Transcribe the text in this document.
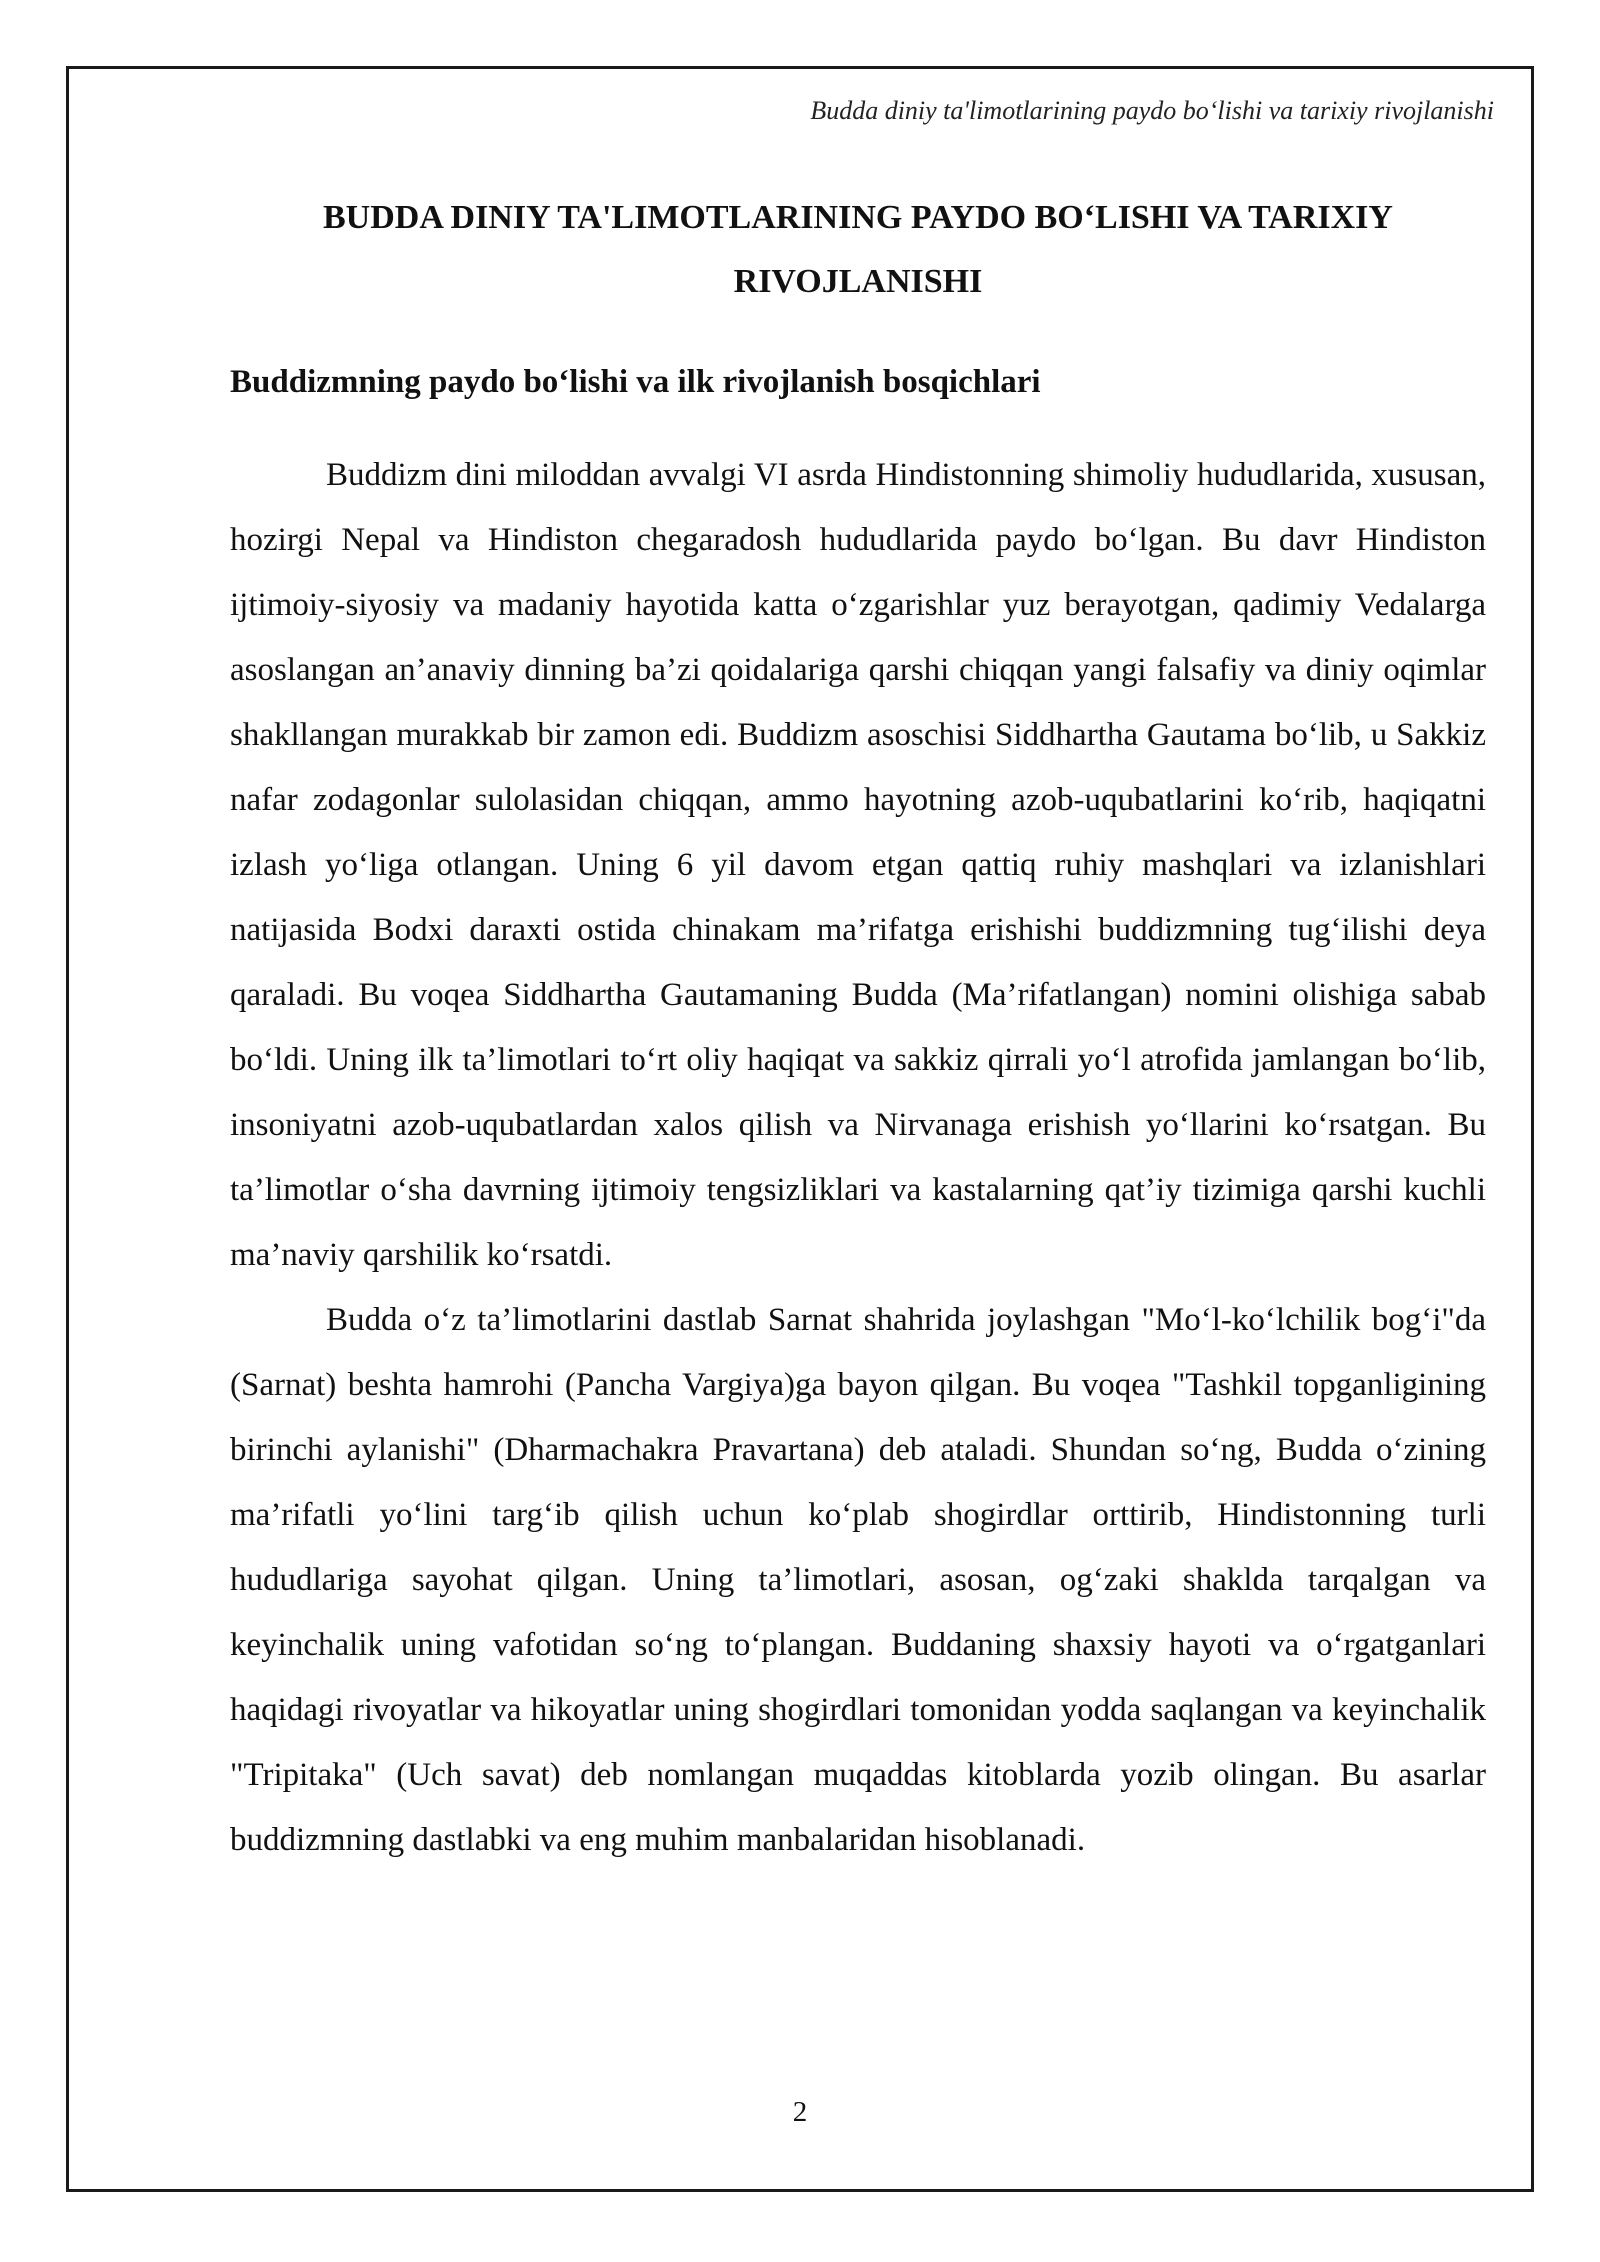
Budda diniy ta'limotlarining paydo bo‘lishi va tarixiy rivojlanishi
BUDDA DINIY TA'LIMOTLARINING PAYDO BO‘LISHI VA TARIXIY RIVOJLANISHI
Buddizmning paydo bo‘lishi va ilk rivojlanish bosqichlari

Buddizm dini miloddan avvalgi VI asrda Hindistonning shimoliy hududlarida, xususan, hozirgi Nepal va Hindiston chegaradosh hududlarida paydo bo‘lgan. Bu davr Hindiston ijtimoiy-siyosiy va madaniy hayotida katta o‘zgarishlar yuz berayotgan, qadimiy Vedalarga asoslangan an’anaviy dinning ba’zi qoidalariga qarshi chiqqan yangi falsafiy va diniy oqimlar shakllangan murakkab bir zamon edi. Buddizm asoschisi Siddhartha Gautama bo‘lib, u Sakkiz nafar zodagonlar sulolasidan chiqqan, ammo hayotning azob-uqubatlarini ko‘rib, haqiqatni izlash yo‘liga otlangan. Uning 6 yil davom etgan qattiq ruhiy mashqlari va izlanishlari natijasida Bodxi daraxti ostida chinakam ma’rifatga erishishi buddizmning tug‘ilishi deya qaraladi. Bu voqea Siddhartha Gautamaning Budda (Ma’rifatlangan) nomini olishiga sabab bo‘ldi. Uning ilk ta’limotlari to‘rt oliy haqiqat va sakkiz qirrali yo‘l atrofida jamlangan bo‘lib, insoniyatni azob-uqubatlardan xalos qilish va Nirvanaga erishish yo‘llarini ko‘rsatgan. Bu ta’limotlar o‘sha davrning ijtimoiy tengsizliklari va kastalarning qat’iy tizimiga qarshi kuchli ma’naviy qarshilik ko‘rsatdi.

Budda o‘z ta’limotlarini dastlab Sarnat shahrida joylashgan "Mo‘l-ko‘lchilik bog‘i"da (Sarnat) beshta hamrohi (Pancha Vargiya)ga bayon qilgan. Bu voqea "Tashkil topganligining birinchi aylanishi" (Dharmachakra Pravartana) deb ataladi. Shundan so‘ng, Budda o‘zining ma’rifatli yo‘lini targ‘ib qilish uchun ko‘plab shogirdlar orttirib, Hindistonning turli hududlariga sayohat qilgan. Uning ta’limotlari, asosan, og‘zaki shaklda tarqalgan va keyinchalik uning vafotidan so‘ng to‘plangan. Buddaning shaxsiy hayoti va o‘rgatganlari haqidagi rivoyatlar va hikoyatlar uning shogirdlari tomonidan yodda saqlangan va keyinchalik "Tripitaka" (Uch savat) deb nomlangan muqaddas kitoblarda yozib olingan. Bu asarlar buddizmning dastlabki va eng muhim manbalaridan hisoblanadi.

2
